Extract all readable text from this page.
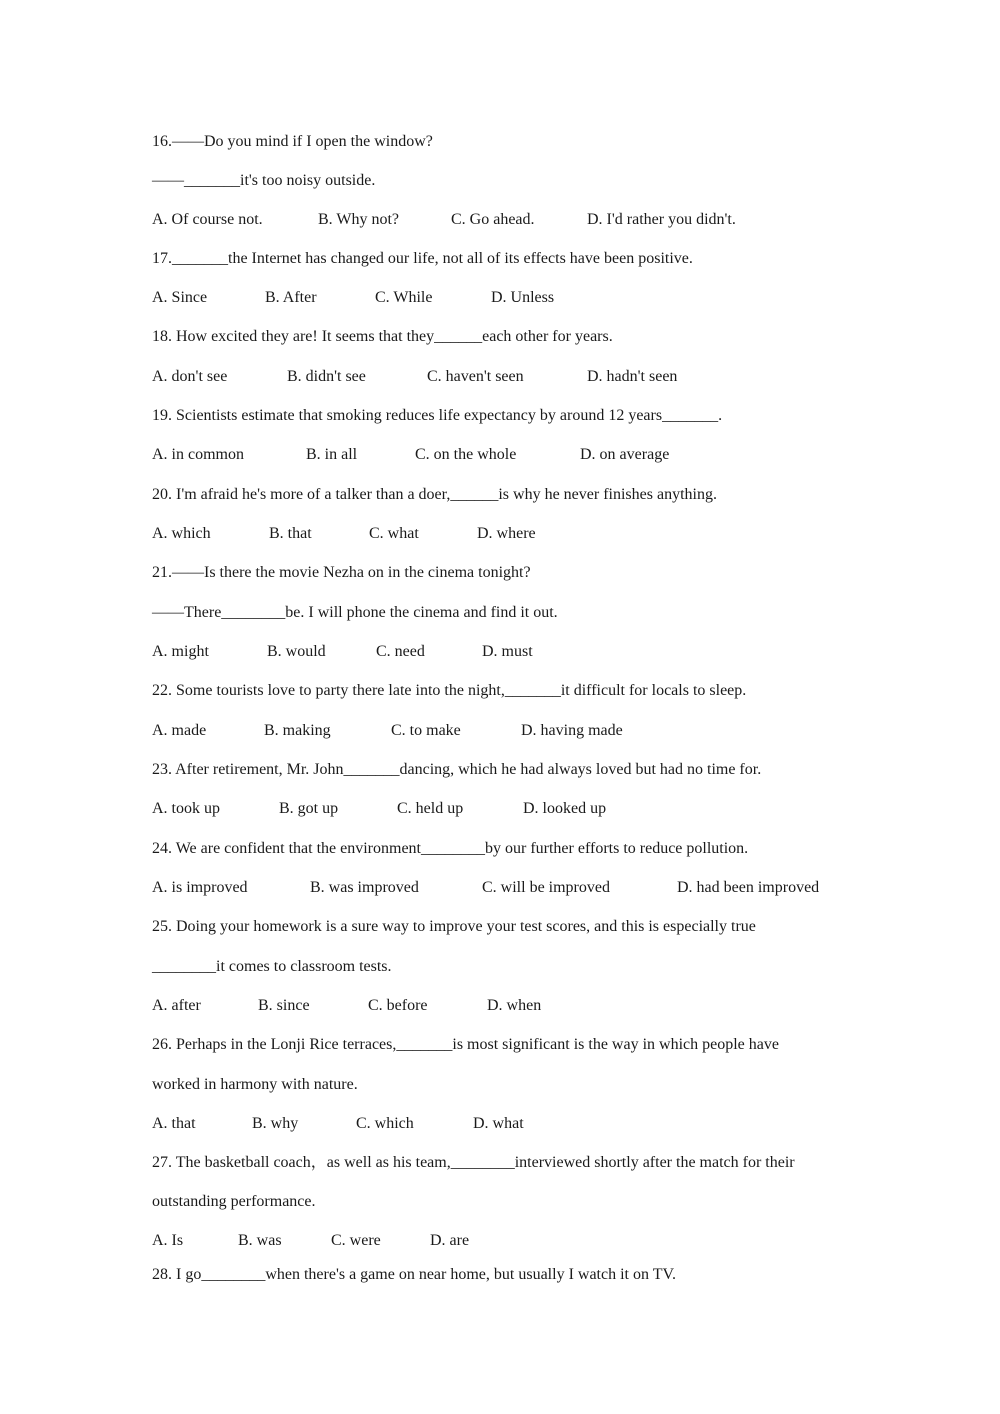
16.——Do you mind if I open the window?
——_______it's too noisy outside.
A. Of course not.	B. Why not?	C. Go ahead.	D. I'd rather you didn't.
17._______the Internet has changed our life, not all of its effects have been positive.
A. Since	B. After	C. While	D. Unless
18. How excited they are! It seems that they______each other for years.
A. don't see	B. didn't see	C. haven't seen	D. hadn't seen
19. Scientists estimate that smoking reduces life expectancy by around 12 years_______.
A. in common	B. in all	C. on the whole	D. on average
20. I'm afraid he's more of a talker than a doer,______is why he never finishes anything.
A. which	B. that	C. what	D. where
21.——Is there the movie Nezha on in the cinema tonight?
——There________be. I will phone the cinema and find it out.
A. might	B. would	C. need	D. must
22. Some tourists love to party there late into the night,_______it difficult for locals to sleep.
A. made	B. making	C. to make	D. having made
23. After retirement, Mr. John_______dancing, which he had always loved but had no time for.
A. took up	B. got up	C. held up	D. looked up
24. We are confident that the environment________by our further efforts to reduce pollution.
A. is improved	B. was improved	C. will be improved	D. had been improved
25. Doing your homework is a sure way to improve your test scores, and this is especially true
________it comes to classroom tests.
A. after	B. since	C. before	D. when
26. Perhaps in the Lonji Rice terraces,_______is most significant is the way in which people have
worked in harmony with nature.
A. that	B. why	C. which	D. what
27. The basketball coach，as well as his team,________interviewed shortly after the match for their
outstanding performance.
A. Is	B. was	C. were	D. are
28. I go________when there's a game on near home, but usually I watch it on TV.
